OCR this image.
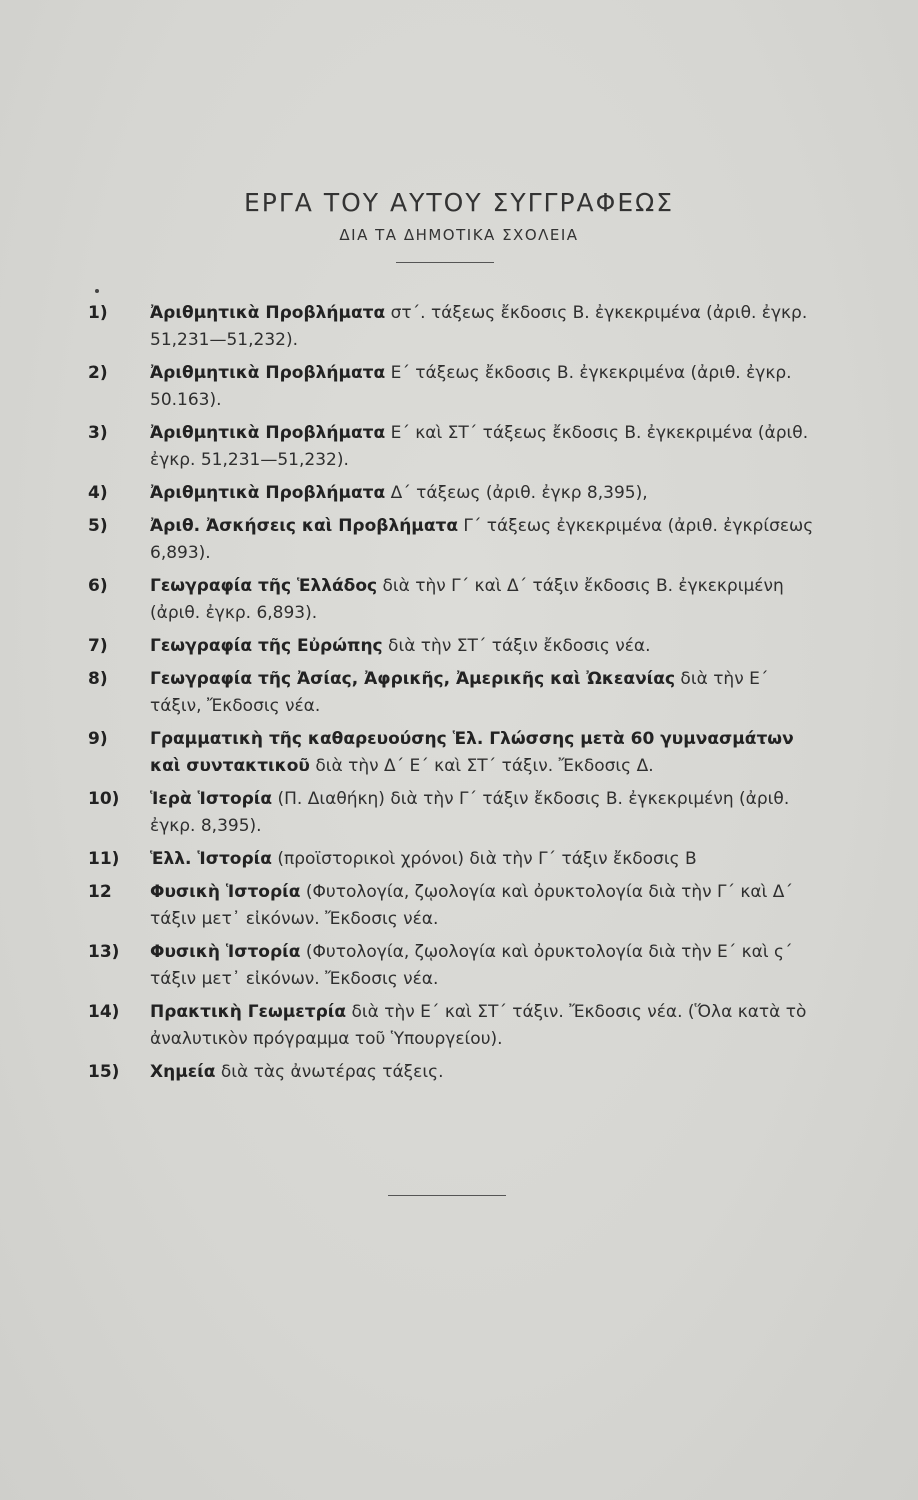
ΕΡΓΑ ΤΟΥ ΑΥΤΟΥ ΣΥΓΓΡΑΦΕΩΣ
ΔΙΑ ΤΑ ΔΗΜΟΤΙΚΑ ΣΧΟΛΕΙΑ
1) Ἀριθμητικὰ Προβλήματα στ΄. τάξεως ἔκδοσις Β. ἐγκεκριμένα (ἀριθ. ἐγκρ. 51,231—51,232).
2) Ἀριθμητικὰ Προβλήματα Ε΄ τάξεως ἔκδοσις Β. ἐγκεκριμένα (ἀριθ. ἐγκρ. 50.163).
3) Ἀριθμητικὰ Προβλήματα Ε΄ καὶ ΣΤ΄ τάξεως ἔκδοσις Β. ἐγκεκριμένα (ἀριθ. ἐγκρ. 51,231—51,232).
4) Ἀριθμητικὰ Προβλήματα Δ΄ τάξεως (ἀριθ. ἐγκρ 8,395),
5) Ἀριθ. Ἀσκήσεις καὶ Προβλήματα Γ΄ τάξεως ἐγκεκριμένα (ἀριθ. ἐγκρίσεως 6,893).
6) Γεωγραφία τῆς Ἑλλάδος διὰ τὴν Γ΄ καὶ Δ΄ τάξιν ἔκδοσις Β. ἐγκεκριμένη (ἀριθ. ἐγκρ. 6,893).
7) Γεωγραφία τῆς Εὐρώπης διὰ τὴν ΣΤ΄ τάξιν ἔκδοσις νέα.
8) Γεωγραφία τῆς Ἀσίας, Ἀφρικῆς, Ἀμερικῆς καὶ Ὠκεανίας διὰ τὴν Ε΄ τάξιν, Ἔκδοσις νέα.
9) Γραμματικὴ τῆς καθαρευούσης Ἑλ. Γλώσσης μετὰ 60 γυμνασμάτων καὶ συντακτικοῦ διὰ τὴν Δ΄ Ε΄ καὶ ΣΤ΄ τάξιν. Ἔκδοσις Δ.
10) Ἱερὰ Ἱστορία (Π. Διαθήκη) διὰ τὴν Γ΄ τάξιν ἔκδοσις Β. ἐγκεκριμένη (ἀριθ. ἐγκρ. 8,395).
11) Ἑλλ. Ἱστορία (προϊστορικοὶ χρόνοι) διὰ τὴν Γ΄ τάξιν ἔκδοσις Β
12 Φυσικὴ Ἱστορία (Φυτολογία, ζῳολογία καὶ ὀρυκτολογία διὰ τὴν Γ΄ καὶ Δ΄ τάξιν μετ᾽ εἰκόνων. Ἔκδοσις νέα.
13) Φυσικὴ Ἱστορία (Φυτολογία, ζῳολογία καὶ ὀρυκτολογία διὰ τὴν Ε΄ καὶ ς΄ τάξιν μετ᾽ εἰκόνων. Ἔκδοσις νέα.
14) Πρακτικὴ Γεωμετρία διὰ τὴν Ε΄ καὶ ΣΤ΄ τάξιν. Ἔκδοσις νέα. (Ὅλα κατὰ τὸ ἀναλυτικὸν πρόγραμμα τοῦ Ὑπουργείου).
15) Χημεία διὰ τὰς ἀνωτέρας τάξεις.
